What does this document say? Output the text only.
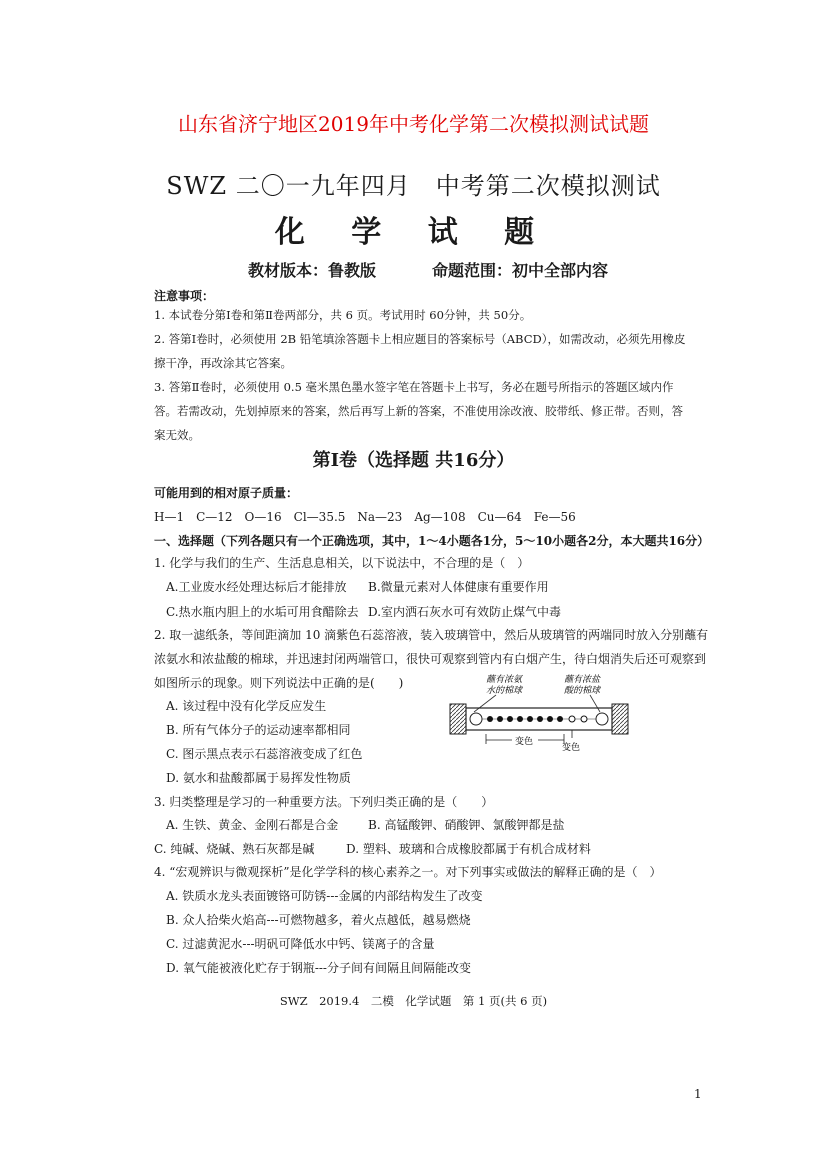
山东省济宁地区2019年中考化学第二次模拟测试试题
SWZ 二〇一九年四月　中考第二次模拟测试
化 学 试 题
教材版本：鲁教版	命题范围：初中全部内容
注意事项：
1. 本试卷分第Ⅰ卷和第Ⅱ卷两部分，共 6 页。考试用时 60分钟，共 50分。
2. 答第Ⅰ卷时，必须使用 2B 铅笔填涂答题卡上相应题目的答案标号（ABCD），如需改动，必须先用橡皮擦干净，再改涂其它答案。
3. 答第Ⅱ卷时，必须使用 0.5 毫米黑色墨水签字笔在答题卡上书写，务必在题号所指示的答题区域内作答。若需改动，先划掉原来的答案，然后再写上新的答案，不准使用涂改液、胶带纸、修正带。否则，答案无效。
第Ⅰ卷（选择题 共16分）
可能用到的相对原子质量：
H—1　C—12　O—16　Cl—35.5　Na—23　Ag—108　Cu—64　Fe—56
一、选择题（下列各题只有一个正确选项，其中，1～4小题各1分，5～10小题各2分，本大题共16分）
1. 化学与我们的生产、生活息息相关，以下说法中，不合理的是（　）
A.工业废水经处理达标后才能排放 B.微量元素对人体健康有重要作用
C.热水瓶内胆上的水垢可用食醋除去 D.室内洒石灰水可有效防止煤气中毒
2. 取一滤纸条，等间距滴加 10 滴紫色石蕊溶液，装入玻璃管中，然后从玻璃管的两端同时放入分别蘸有
浓氨水和浓盐酸的棉球，并迅速封闭两端管口，很快可观察到管内有白烟产生，待白烟消失后还可观察到
如图所示的现象。则下列说法中正确的是(　　)
A. 该过程中没有化学反应发生
B. 所有气体分子的运动速率都相同
C. 图示黑点表示石蕊溶液变成了红色
D. 氨水和盐酸都属于易挥发性物质
蘸有浓氨
水的棉球
蘸有浓盐
酸的棉球
变色
变色
3. 归类整理是学习的一种重要方法。下列归类正确的是（　　）
A. 生铁、黄金、金刚石都是合金 B. 高锰酸钾、硝酸钾、氯酸钾都是盐
C. 纯碱、烧碱、熟石灰都是碱	D. 塑料、玻璃和合成橡胶都属于有机合成材料
4. “宏观辨识与微观探析”是化学学科的核心素养之一。对下列事实或做法的解释正确的是（　）
A. 铁质水龙头表面镀铬可防锈---金属的内部结构发生了改变
B. 众人拾柴火焰高---可燃物越多，着火点越低，越易燃烧
C. 过滤黄泥水---明矾可降低水中钙、镁离子的含量
D. 氧气能被液化贮存于钢瓶---分子间有间隔且间隔能改变
SWZ　2019.4　二模　化学试题　第 1 页(共 6 页)
1
